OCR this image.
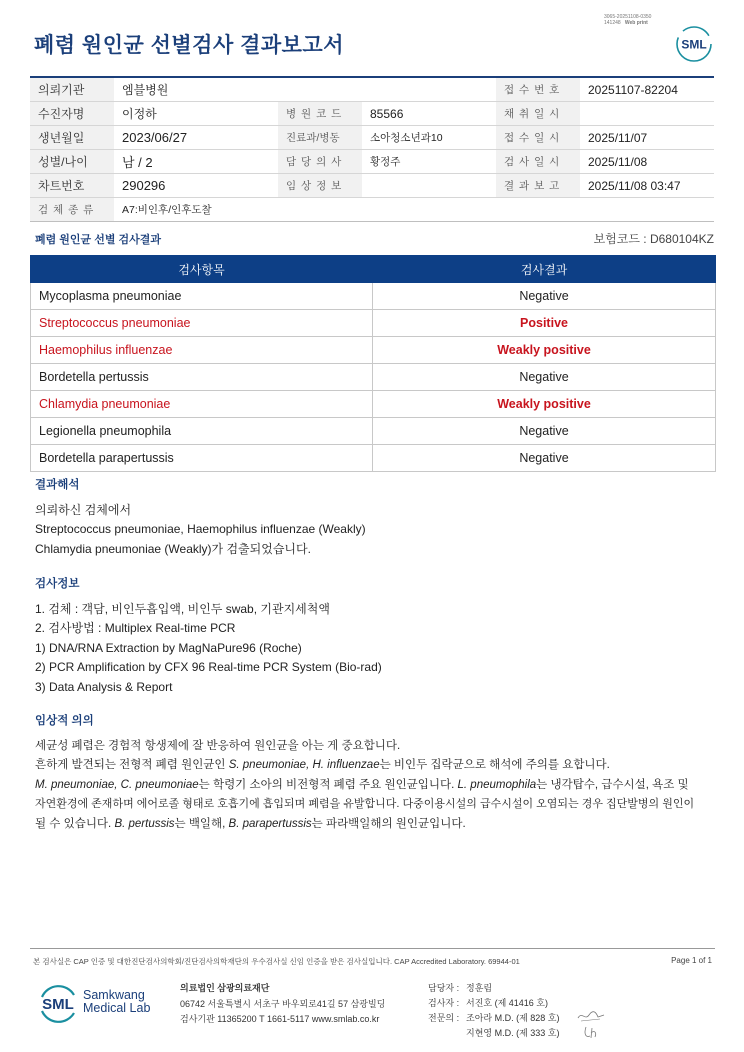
3065-20251108-0350
141248 Web print
폐렴 원인균 선별검사 결과보고서	SML
의뢰기관	엠블병원			접 수 번 호	20251107-82204
수진자명	이정하	병 원 코 드	85566	채 취 일 시	
생년월일	2023/06/27	진료과/병동	소아청소년과10	접 수 일 시	2025/11/07
성별/나이	남 / 2	담 당 의 사	황정주	검 사 일 시	2025/11/08
차트번호	290296	임 상 정 보		결 과 보 고	2025/11/08 03:47
검 체 종 류	A7:비인후/인후도찰				
폐렴 원인균 선별 검사결과	보험코드 : D680104KZ
검사항목	검사결과
Mycoplasma pneumoniae	Negative
Streptococcus pneumoniae	Positive
Haemophilus influenzae	Weakly positive
Bordetella pertussis	Negative
Chlamydia pneumoniae	Weakly positive
Legionella pneumophila	Negative
Bordetella parapertussis	Negative
결과해석
의뢰하신 검체에서
Streptococcus pneumoniae, Haemophilus influenzae (Weakly)
Chlamydia pneumoniae (Weakly)가 검출되었습니다.
검사정보
1. 검체 : 객담, 비인두흡입액, 비인두 swab, 기관지세척액
2. 검사방법 : Multiplex Real-time PCR
1) DNA/RNA Extraction by MagNaPure96 (Roche)
2) PCR Amplification by CFX 96 Real-time PCR System (Bio-rad)
3) Data Analysis & Report
임상적 의의
세균성 폐렴은 경험적 항생제에 잘 반응하여 원인균을 아는 게 중요합니다.
흔하게 발견되는 전형적 폐렴 원인균인 S. pneumoniae, H. influenzae는 비인두 집락균으로 해석에 주의를 요합니다.
M. pneumoniae, C. pneumoniae는 학령기 소아의 비전형적 폐렴 주요 원인균입니다. L. pneumophila는 냉각탑수, 급수시설, 욕조 및
자연환경에 존재하며 에어로졸 형태로 호흡기에 흡입되며 폐렴을 유발합니다. 다중이용시설의 급수시설이 오염되는 경우 집단발병의 원인이
될 수 있습니다. B. pertussis는 백일해, B. parapertussis는 파라백일해의 원인균입니다.
본 검사실은 CAP 인증 및 대한진단검사의학회/진단검사의학재단의 우수검사실 신임 인증을 받은 검사실입니다. CAP Accredited Laboratory. 69944-01	Page 1 of 1
SML
Samkwang
Medical Lab
의료법인 삼광의료재단
06742 서울특별시 서초구 바우뫼로41길 57 삼광빌딩
검사기관 11365200 T 1661-5117 www.smlab.co.kr
담당자 : 정훈림
검사자 : 서진호 (제 41416 호)
전문의 : 조아라 M.D. (제 828 호)
지현영 M.D. (제 333 호)
